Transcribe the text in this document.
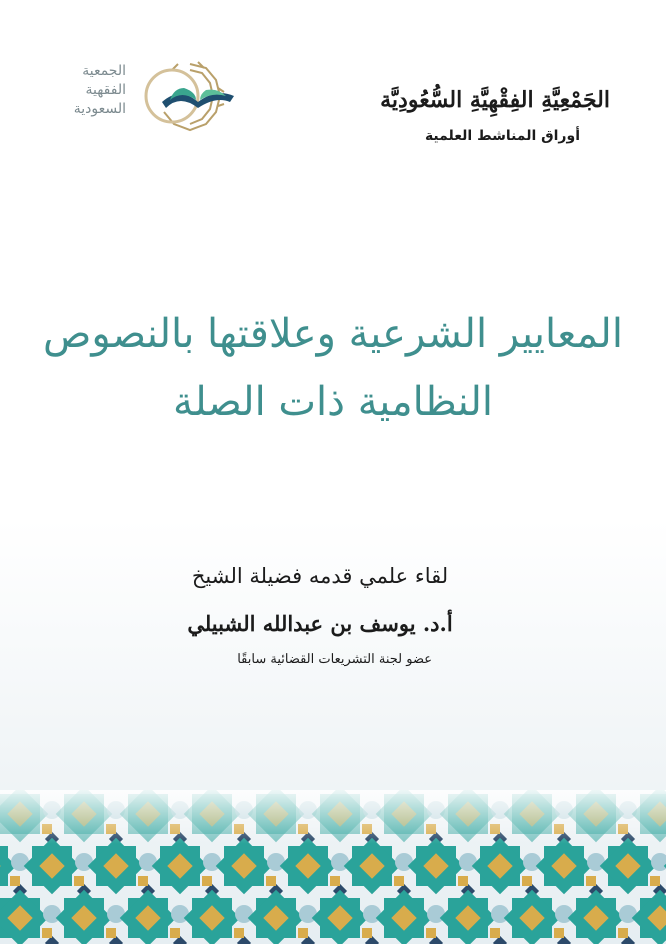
الجمعية
الفقهية
السعودية	الجَمْعِيَّةِ الفِقْهِيَّةِ السُّعُودِيَّة
أوراق المناشط العلمية
المعايير الشرعية وعلاقتها بالنصوص
النظامية ذات الصلة
لقاء علمي قدمه فضيلة الشيخ
أ.د. يوسف بن عبدالله الشبيلي
عضو لجنة التشريعات القضائية سابقًا
